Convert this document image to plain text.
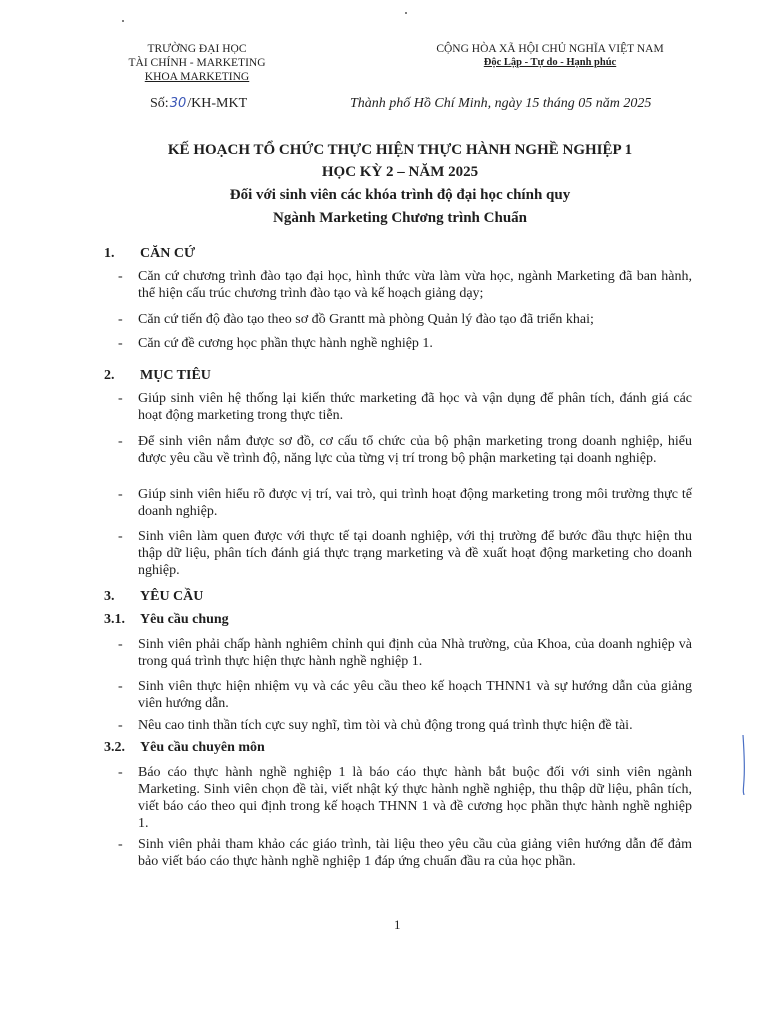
TRƯỜNG ĐẠI HỌC
TÀI CHÍNH - MARKETING
KHOA MARKETING
CỘNG HÒA XÃ HỘI CHỦ NGHĨA VIỆT NAM
Độc Lập - Tự do - Hạnh phúc
Số:30/KH-MKT	Thành phố Hồ Chí Minh, ngày 15 tháng 05 năm 2025
KẾ HOẠCH TỔ CHỨC THỰC HIỆN THỰC HÀNH NGHỀ NGHIỆP 1
HỌC KỲ 2 – NĂM 2025
Đối với sinh viên các khóa trình độ đại học chính quy
Ngành Marketing Chương trình Chuẩn
1. CĂN CỨ
- Căn cứ chương trình đào tạo đại học, hình thức vừa làm vừa học, ngành Marketing đã ban hành, thể hiện cấu trúc chương trình đào tạo và kế hoạch giảng dạy;
- Căn cứ tiến độ đào tạo theo sơ đồ Grantt mà phòng Quản lý đào tạo đã triển khai;
- Căn cứ đề cương học phần thực hành nghề nghiệp 1.
2. MỤC TIÊU
- Giúp sinh viên hệ thống lại kiến thức marketing đã học và vận dụng để phân tích, đánh giá các hoạt động marketing trong thực tiễn.
- Để sinh viên nắm được sơ đồ, cơ cấu tổ chức của bộ phận marketing trong doanh nghiệp, hiểu được yêu cầu về trình độ, năng lực của từng vị trí trong bộ phận marketing tại doanh nghiệp.
- Giúp sinh viên hiểu rõ được vị trí, vai trò, qui trình hoạt động marketing trong môi trường thực tế doanh nghiệp.
- Sinh viên làm quen được với thực tế tại doanh nghiệp, với thị trường để bước đầu thực hiện thu thập dữ liệu, phân tích đánh giá thực trạng marketing và đề xuất hoạt động marketing cho doanh nghiệp.
3. YÊU CẦU
3.1. Yêu cầu chung
- Sinh viên phải chấp hành nghiêm chỉnh qui định của Nhà trường, của Khoa, của doanh nghiệp và trong quá trình thực hiện thực hành nghề nghiệp 1.
- Sinh viên thực hiện nhiệm vụ và các yêu cầu theo kế hoạch THNN1 và sự hướng dẫn của giảng viên hướng dẫn.
- Nêu cao tinh thần tích cực suy nghĩ, tìm tòi và chủ động trong quá trình thực hiện đề tài.
3.2. Yêu cầu chuyên môn
- Báo cáo thực hành nghề nghiệp 1 là báo cáo thực hành bắt buộc đối với sinh viên ngành Marketing. Sinh viên chọn đề tài, viết nhật ký thực hành nghề nghiệp, thu thập dữ liệu, phân tích, viết báo cáo theo qui định trong kế hoạch THNN 1 và đề cương học phần thực hành nghề nghiệp 1.
- Sinh viên phải tham khảo các giáo trình, tài liệu theo yêu cầu của giảng viên hướng dẫn để đảm bảo viết báo cáo thực hành nghề nghiệp 1 đáp ứng chuẩn đầu ra của học phần.
1
